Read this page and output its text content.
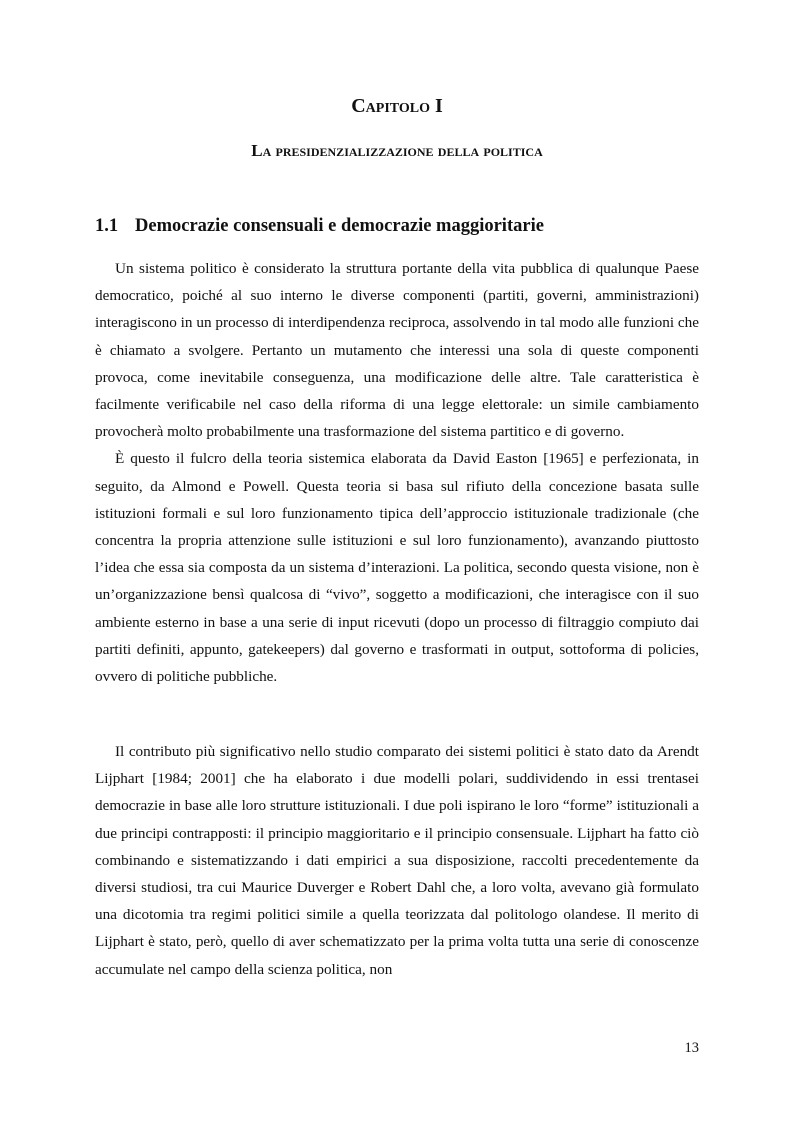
Capitolo I
La presidenzializzazione della politica
1.1 Democrazie consensuali e democrazie maggioritarie

Un sistema politico è considerato la struttura portante della vita pubblica di qualunque Paese democratico, poiché al suo interno le diverse componenti (partiti, governi, amministrazioni) interagiscono in un processo di interdipendenza reciproca, assolvendo in tal modo alle funzioni che è chiamato a svolgere. Pertanto un mutamento che interessi una sola di queste componenti provoca, come inevitabile conseguenza, una modificazione delle altre. Tale caratteristica è facilmente verificabile nel caso della riforma di una legge elettorale: un simile cambiamento provocherà molto probabilmente una trasformazione del sistema partitico e di governo.

È questo il fulcro della teoria sistemica elaborata da David Easton [1965] e perfezionata, in seguito, da Almond e Powell. Questa teoria si basa sul rifiuto della concezione basata sulle istituzioni formali e sul loro funzionamento tipica dell’approccio istituzionale tradizionale (che concentra la propria attenzione sulle istituzioni e sul loro funzionamento), avanzando piuttosto l’idea che essa sia composta da un sistema d’interazioni. La politica, secondo questa visione, non è un’organizzazione bensì qualcosa di “vivo”, soggetto a modificazioni, che interagisce con il suo ambiente esterno in base a una serie di input ricevuti (dopo un processo di filtraggio compiuto dai partiti definiti, appunto, gatekeepers) dal governo e trasformati in output, sottoforma di policies, ovvero di politiche pubbliche.

Il contributo più significativo nello studio comparato dei sistemi politici è stato dato da Arendt Lijphart [1984; 2001] che ha elaborato i due modelli polari, suddividendo in essi trentasei democrazie in base alle loro strutture istituzionali. I due poli ispirano le loro “forme” istituzionali a due principi contrapposti: il principio maggioritario e il principio consensuale. Lijphart ha fatto ciò combinando e sistematizzando i dati empirici a sua disposizione, raccolti precedentemente da diversi studiosi, tra cui Maurice Duverger e Robert Dahl che, a loro volta, avevano già formulato una dicotomia tra regimi politici simile a quella teorizzata dal politologo olandese. Il merito di Lijphart è stato, però, quello di aver schematizzato per la prima volta tutta una serie di conoscenze accumulate nel campo della scienza politica, non

13
